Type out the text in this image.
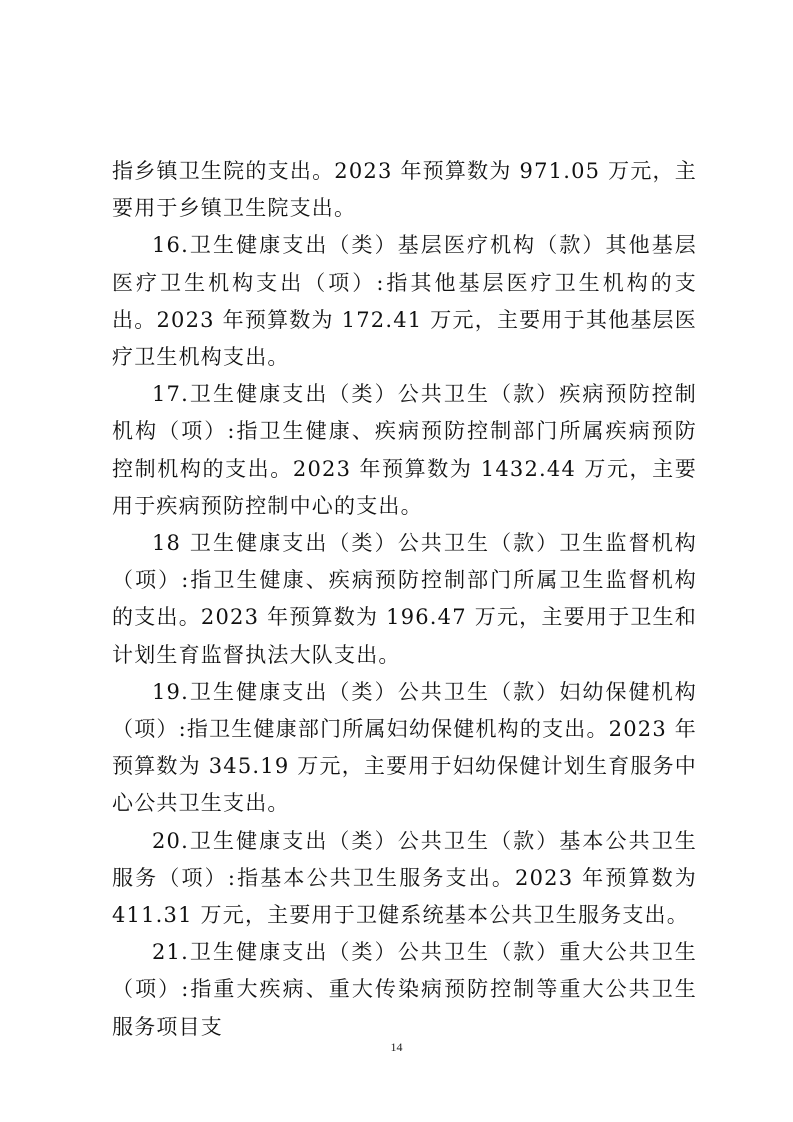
指乡镇卫生院的支出。2023 年预算数为 971.05 万元，主要用于乡镇卫生院支出。

16.卫生健康支出（类）基层医疗机构（款）其他基层医疗卫生机构支出（项）:指其他基层医疗卫生机构的支出。2023 年预算数为 172.41 万元，主要用于其他基层医疗卫生机构支出。

17.卫生健康支出（类）公共卫生（款）疾病预防控制机构（项）:指卫生健康、疾病预防控制部门所属疾病预防控制机构的支出。2023 年预算数为 1432.44 万元，主要用于疾病预防控制中心的支出。

18 卫生健康支出（类）公共卫生（款）卫生监督机构（项）:指卫生健康、疾病预防控制部门所属卫生监督机构的支出。2023 年预算数为 196.47 万元，主要用于卫生和计划生育监督执法大队支出。

19.卫生健康支出（类）公共卫生（款）妇幼保健机构（项）:指卫生健康部门所属妇幼保健机构的支出。2023 年预算数为 345.19 万元，主要用于妇幼保健计划生育服务中心公共卫生支出。

20.卫生健康支出（类）公共卫生（款）基本公共卫生服务（项）:指基本公共卫生服务支出。2023 年预算数为 411.31 万元，主要用于卫健系统基本公共卫生服务支出。

21.卫生健康支出（类）公共卫生（款）重大公共卫生（项）:指重大疾病、重大传染病预防控制等重大公共卫生服务项目支

14
